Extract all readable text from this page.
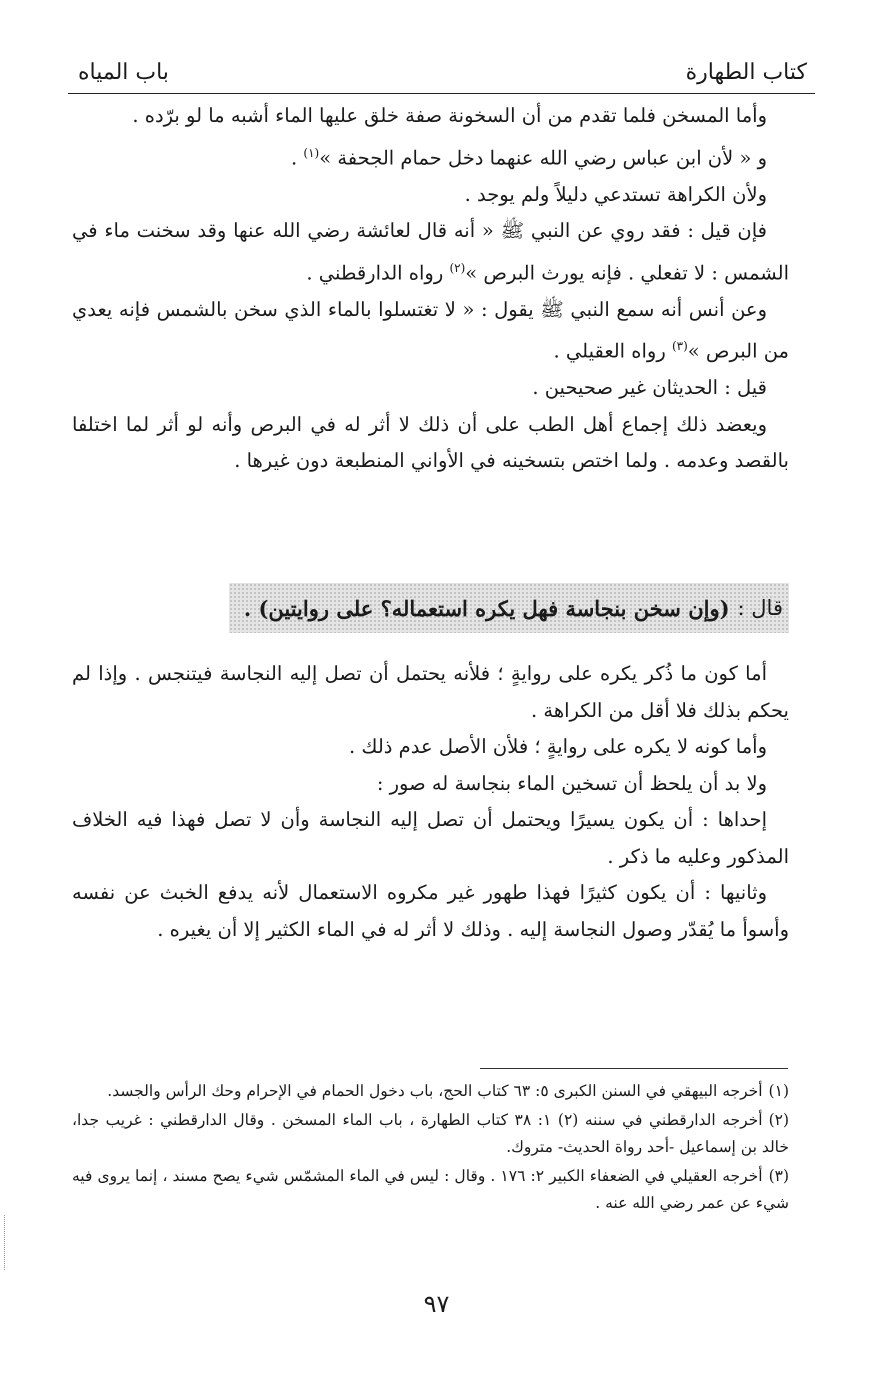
كتاب الطهارة
باب المياه

وأما المسخن فلما تقدم من أن السخونة صفة خلق عليها الماء أشبه ما لو برّده .

و « لأن ابن عباس رضي الله عنهما دخل حمام الجحفة »$^{(١)}$ .

ولأن الكراهة تستدعي دليلاً ولم يوجد .

فإن قيل : فقد روي عن النبي ﷺ « أنه قال لعائشة رضي الله عنها وقد سخنت ماء في الشمس : لا تفعلي . فإنه يورث البرص »$^{(٢)}$ رواه الدارقطني .

وعن أنس أنه سمع النبي ﷺ يقول : « لا تغتسلوا بالماء الذي سخن بالشمس فإنه يعدي من البرص »$^{(٣)}$ رواه العقيلي .

قيل : الحديثان غير صحيحين .

ويعضد ذلك إجماع أهل الطب على أن ذلك لا أثر له في البرص وأنه لو أثر لما اختلفا بالقصد وعدمه . ولما اختص بتسخينه في الأواني المنطبعة دون غيرها .

قال :
(وإن سخن بنجاسة فهل يكره استعماله؟ على روايتين) .

أما كون ما ذُكر يكره على روايةٍ ؛ فلأنه يحتمل أن تصل إليه النجاسة فيتنجس . وإذا لم يحكم بذلك فلا أقل من الكراهة .

وأما كونه لا يكره على روايةٍ ؛ فلأن الأصل عدم ذلك .

ولا بد أن يلحظ أن تسخين الماء بنجاسة له صور :

إحداها : أن يكون يسيرًا ويحتمل أن تصل إليه النجاسة وأن لا تصل فهذا فيه الخلاف المذكور وعليه ما ذكر .

وثانيها : أن يكون كثيرًا فهذا طهور غير مكروه الاستعمال لأنه يدفع الخبث عن نفسه وأسوأ ما يُقدّر وصول النجاسة إليه . وذلك لا أثر له في الماء الكثير إلا أن يغيره .

(١)أخرجه البيهقي في السنن الكبرى ٥: ٦٣ كتاب الحج، باب دخول الحمام في الإحرام وحك الرأس والجسد.

(٢)أخرجه الدارقطني في سننه (٢) ١: ٣٨ كتاب الطهارة ، باب الماء المسخن . وقال الدارقطني : غريب جدا، خالد بن إسماعيل -أحد رواة الحديث- متروك.

(٣)أخرجه العقيلي في الضعفاء الكبير ٢: ١٧٦ . وقال : ليس في الماء المشمّس شيء يصح مسند ، إنما يروى فيه شيء عن عمر رضي الله عنه .

٩٧
